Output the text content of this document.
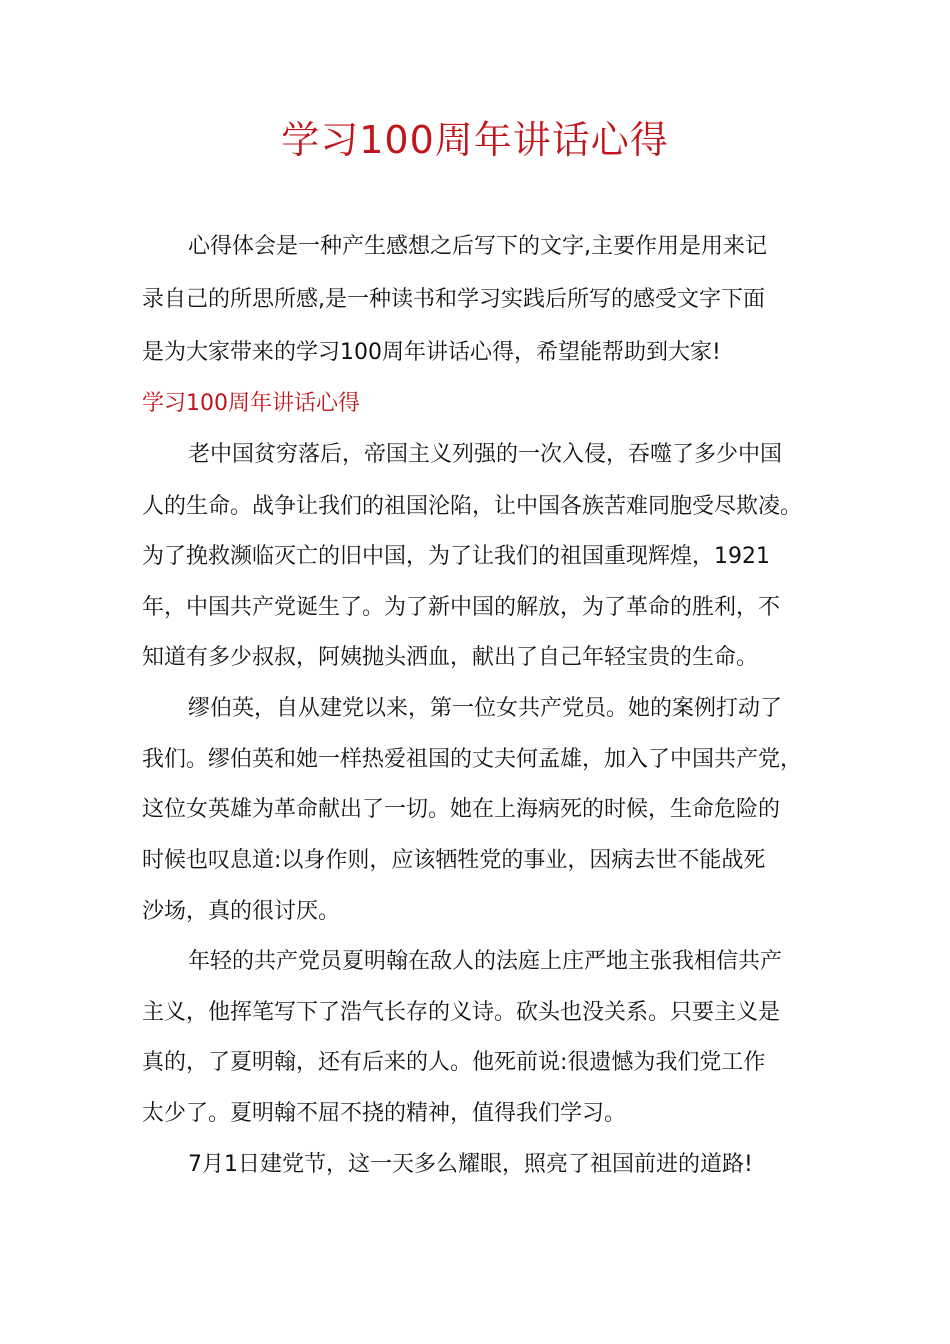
学习100周年讲话心得

心得体会是一种产生感想之后写下的文字,主要作用是用来记

录自己的所思所感,是一种读书和学习实践后所写的感受文字下面

是为大家带来的学习100周年讲话心得，希望能帮助到大家!

学习100周年讲话心得

老中国贫穷落后，帝国主义列强的一次入侵，吞噬了多少中国

人的生命。战争让我们的祖国沦陷，让中国各族苦难同胞受尽欺凌。

为了挽救濒临灭亡的旧中国，为了让我们的祖国重现辉煌，1921

年，中国共产党诞生了。为了新中国的解放，为了革命的胜利，不

知道有多少叔叔，阿姨抛头洒血，献出了自己年轻宝贵的生命。

缪伯英，自从建党以来，第一位女共产党员。她的案例打动了

我们。缪伯英和她一样热爱祖国的丈夫何孟雄，加入了中国共产党，

这位女英雄为革命献出了一切。她在上海病死的时候，生命危险的

时候也叹息道:以身作则，应该牺牲党的事业，因病去世不能战死

沙场，真的很讨厌。

年轻的共产党员夏明翰在敌人的法庭上庄严地主张我相信共产

主义，他挥笔写下了浩气长存的义诗。砍头也没关系。只要主义是

真的，了夏明翰，还有后来的人。他死前说:很遗憾为我们党工作

太少了。夏明翰不屈不挠的精神，值得我们学习。

7月1日建党节，这一天多么耀眼，照亮了祖国前进的道路!
